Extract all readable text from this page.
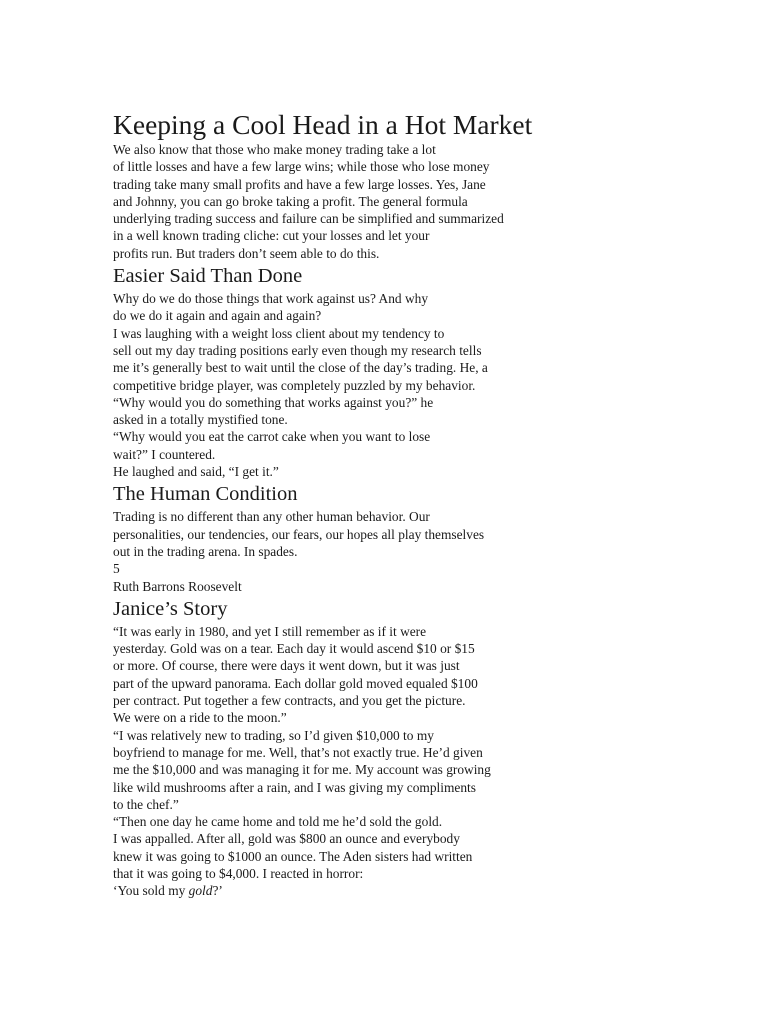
Keeping a Cool Head in a Hot Market
We also know that those who make money trading take a lot
of little losses and have a few large wins; while those who lose money
trading take many small profits and have a few large losses. Yes, Jane
and Johnny, you can go broke taking a profit. The general formula
underlying trading success and failure can be simplified and summarized
in a well known trading cliche: cut your losses and let your
profits run. But traders don’t seem able to do this.
Easier Said Than Done
Why do we do those things that work against us? And why
do we do it again and again and again?
I was laughing with a weight loss client about my tendency to
sell out my day trading positions early even though my research tells
me it’s generally best to wait until the close of the day’s trading. He, a
competitive bridge player, was completely puzzled by my behavior.
“Why would you do something that works against you?” he
asked in a totally mystified tone.
“Why would you eat the carrot cake when you want to lose
wait?” I countered.
He laughed and said, “I get it.”
The Human Condition
Trading is no different than any other human behavior. Our
personalities, our tendencies, our fears, our hopes all play themselves
out in the trading arena. In spades.
5
Ruth Barrons Roosevelt
Janice’s Story
“It was early in 1980, and yet I still remember as if it were
yesterday. Gold was on a tear. Each day it would ascend $10 or $15
or more. Of course, there were days it went down, but it was just
part of the upward panorama. Each dollar gold moved equaled $100
per contract. Put together a few contracts, and you get the picture.
We were on a ride to the moon.”
“I was relatively new to trading, so I’d given $10,000 to my
boyfriend to manage for me. Well, that’s not exactly true. He’d given
me the $10,000 and was managing it for me. My account was growing
like wild mushrooms after a rain, and I was giving my compliments
to the chef.”
“Then one day he came home and told me he’d sold the gold.
I was appalled. After all, gold was $800 an ounce and everybody
knew it was going to $1000 an ounce. The Aden sisters had written
that it was going to $4,000. I reacted in horror:
‘You sold my gold?’
